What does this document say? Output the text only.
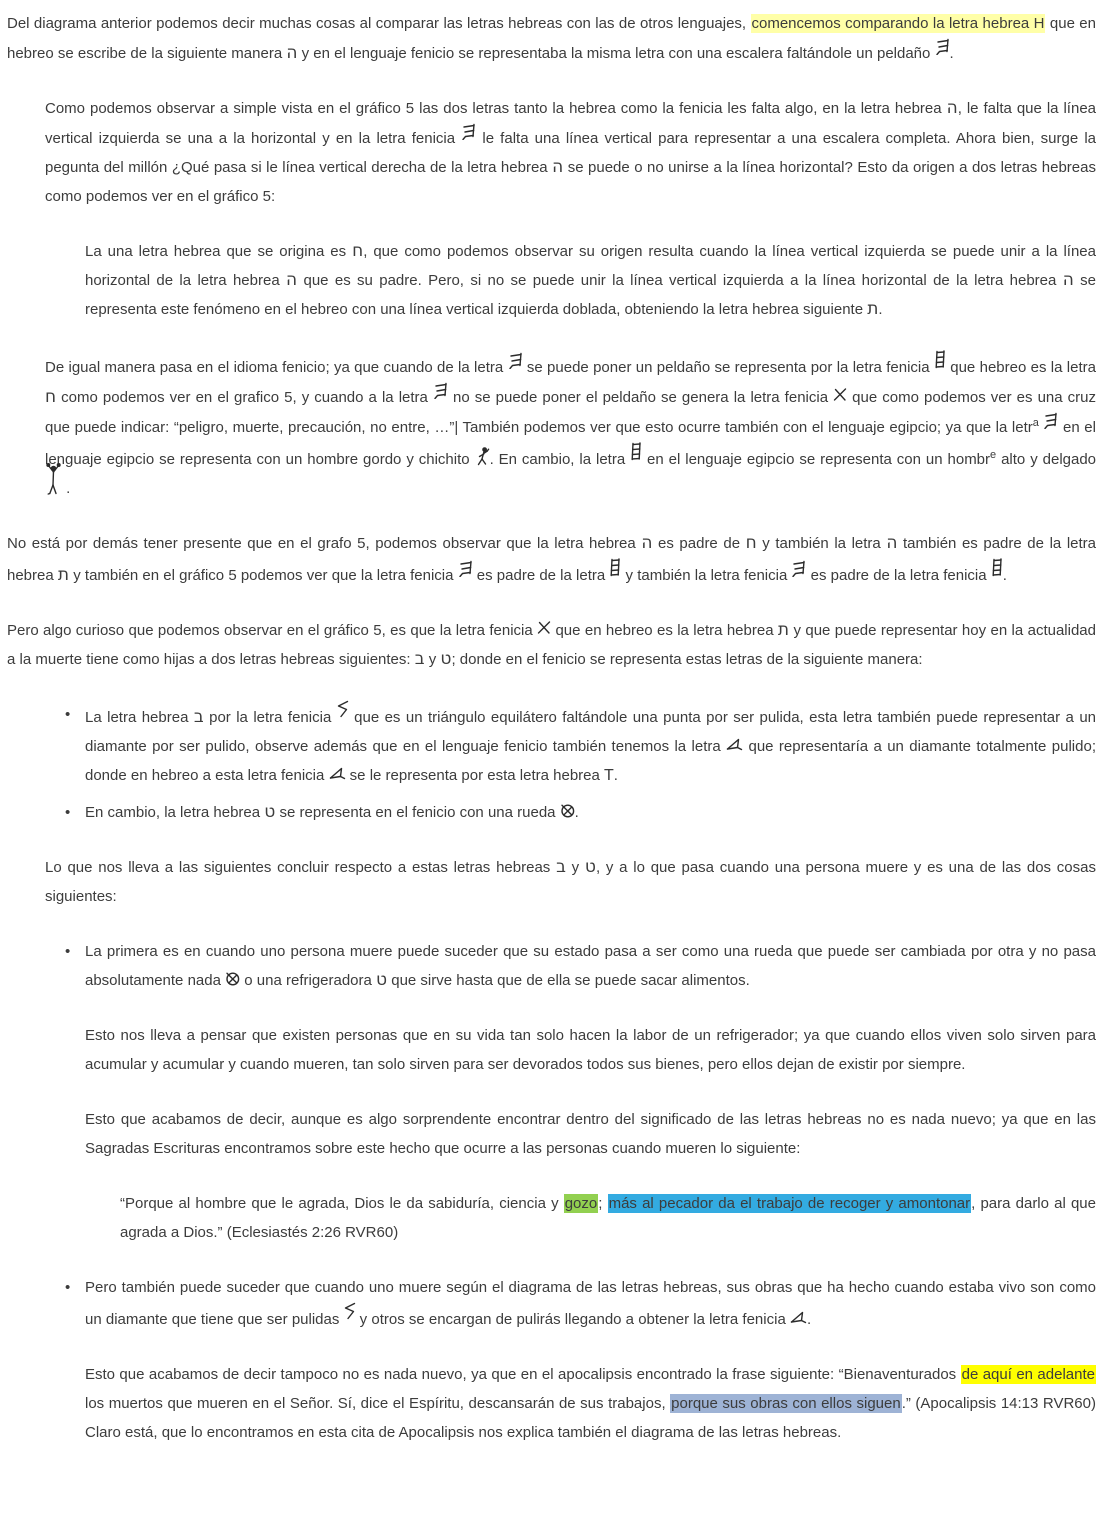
Del diagrama anterior podemos decir muchas cosas al comparar las letras hebreas con las de otros lenguajes, comencemos comparando la letra hebrea H que en hebreo se escribe de la siguiente manera ה y en el lenguaje fenicio se representaba la misma letra con una escalera faltándole un peldaño .
Como podemos observar a simple vista en el gráfico 5 las dos letras tanto la hebrea como la fenicia les falta algo, en la letra hebrea ה, le falta que la línea vertical izquierda se una a la horizontal y en la letra fenicia  le falta una línea vertical para representar a una escalera completa. Ahora bien, surge la pegunta del millón ¿Qué pasa si le línea vertical derecha de la letra hebrea ה se puede o no unirse a la línea horizontal? Esto da origen a dos letras hebreas como podemos ver en el gráfico 5:
La una letra hebrea que se origina es ח, que como podemos observar su origen resulta cuando la línea vertical izquierda se puede unir a la línea horizontal de la letra hebrea ה que es su padre. Pero, si no se puede unir la línea vertical izquierda a la línea horizontal de la letra hebrea ה se representa este fenómeno en el hebreo con una línea vertical izquierda doblada, obteniendo la letra hebrea siguiente ת.
De igual manera pasa en el idioma fenicio; ya que cuando de la letra  se puede poner un peldaño se representa por la letra fenicia  que hebreo es la letra ח como podemos ver en el grafico 5, y cuando a la letra  no se puede poner el peldaño se genera la letra fenicia  que como podemos ver es una cruz que puede indicar: “peligro, muerte, precaución, no entre, …”| También podemos ver que esto ocurre también con el lenguaje egipcio; ya que la letr$^a$  en el lenguaje egipcio se representa con un hombre gordo y chichito . En cambio, la letra  en el lenguaje egipcio se representa con un hombr$^e$ alto y delgado
.
No está por demás tener presente que en el grafo 5, podemos observar que la letra hebrea ה es padre de ח y también la letra ה también es padre de la letra hebrea ת y también en el gráfico 5 podemos ver que la letra fenicia  es padre de la letra  y también la letra fenicia  es padre de la letra fenicia .
Pero algo curioso que podemos observar en el gráfico 5, es que la letra fenicia  que en hebreo es la letra hebrea ת y que puede representar hoy en la actualidad a la muerte tiene como hijas a dos letras hebreas siguientes: ב y ט; donde en el fenicio se representa estas letras de la siguiente manera:
• La letra hebrea ב por la letra fenicia  que es un triángulo equilátero faltándole una punta por ser pulida, esta letra también puede representar a un diamante por ser pulido, observe además que en el lenguaje fenicio también tenemos la letra  que representaría a un diamante totalmente pulido; donde en hebreo a esta letra fenicia  se le representa por esta letra hebrea T.
• En cambio, la letra hebrea ט se representa en el fenicio con una rueda .
Lo que nos lleva a las siguientes concluir respecto a estas letras hebreas ב y ט, y a lo que pasa cuando una persona muere y es una de las dos cosas siguientes:
• La primera es en cuando uno persona muere puede suceder que su estado pasa a ser como una rueda que puede ser cambiada por otra y no pasa absolutamente nada  o una refrigeradora ט que sirve hasta que de ella se puede sacar alimentos.
Esto nos lleva a pensar que existen personas que en su vida tan solo hacen la labor de un refrigerador; ya que cuando ellos viven solo sirven para acumular y acumular y cuando mueren, tan solo sirven para ser devorados todos sus bienes, pero ellos dejan de existir por siempre.
Esto que acabamos de decir, aunque es algo sorprendente encontrar dentro del significado de las letras hebreas no es nada nuevo; ya que en las Sagradas Escrituras encontramos sobre este hecho que ocurre a las personas cuando mueren lo siguiente:
“Porque al hombre que le agrada, Dios le da sabiduría, ciencia y gozo; más al pecador da el trabajo de recoger y amontonar, para darlo al que agrada a Dios.” (Eclesiastés 2:26 RVR60)
• Pero también puede suceder que cuando uno muere según el diagrama de las letras hebreas, sus obras que ha hecho cuando estaba vivo son como un diamante que tiene que ser pulidas  y otros se encargan de pulirás llegando a obtener la letra fenicia .
Esto que acabamos de decir tampoco no es nada nuevo, ya que en el apocalipsis encontrado la frase siguiente: “Bienaventurados de aquí en adelante los muertos que mueren en el Señor. Sí, dice el Espíritu, descansarán de sus trabajos, porque sus obras con ellos siguen.” (Apocalipsis 14:13 RVR60) Claro está, que lo encontramos en esta cita de Apocalipsis nos explica también el diagrama de las letras hebreas.
